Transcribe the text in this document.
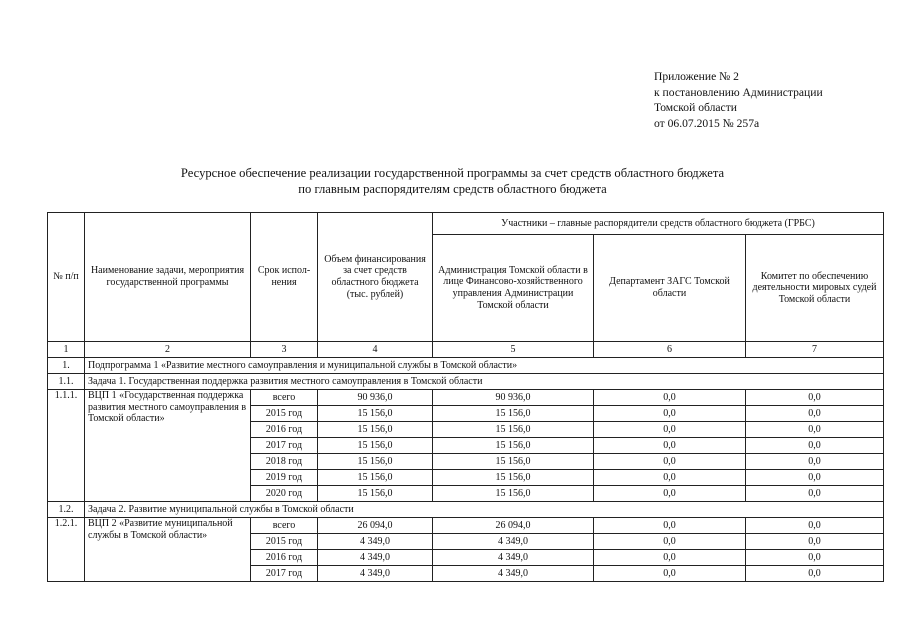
Приложение № 2
к постановлению Администрации
Томской области
от 06.07.2015 № 257а
Ресурсное обеспечение реализации государственной программы за счет средств областного бюджета
по главным распорядителям средств областного бюджета
№ п/п	Наименование задачи, мероприятия государственной программы	Срок испол-нения	Объем финансирования за счет средств областного бюджета (тыс. рублей)	Участники – главные распорядители средств областного бюджета (ГРБС)		
				Администрация Томской области в лице Финансово-хозяйственного управления Администрации Томской области	Департамент ЗАГС Томской области	Комитет по обеспечению деятельности мировых судей Томской области
1	2	3	4	5	6	7
1.	Подпрограмма 1 «Развитие местного самоуправления и муниципальной службы в Томской области»					
1.1.	Задача 1. Государственная поддержка развития местного самоуправления в Томской области					
1.1.1.	ВЦП 1 «Государственная поддержка развития местного самоуправления в Томской области»	всего	90 936,0	90 936,0	0,0	0,0
		2015 год	15 156,0	15 156,0	0,0	0,0
		2016 год	15 156,0	15 156,0	0,0	0,0
		2017 год	15 156,0	15 156,0	0,0	0,0
		2018 год	15 156,0	15 156,0	0,0	0,0
		2019 год	15 156,0	15 156,0	0,0	0,0
		2020 год	15 156,0	15 156,0	0,0	0,0
1.2.	Задача 2. Развитие муниципальной службы в Томской области					
1.2.1.	ВЦП 2 «Развитие муниципальной службы в Томской области»	всего	26 094,0	26 094,0	0,0	0,0
		2015 год	4 349,0	4 349,0	0,0	0,0
		2016 год	4 349,0	4 349,0	0,0	0,0
		2017 год	4 349,0	4 349,0	0,0	0,0
